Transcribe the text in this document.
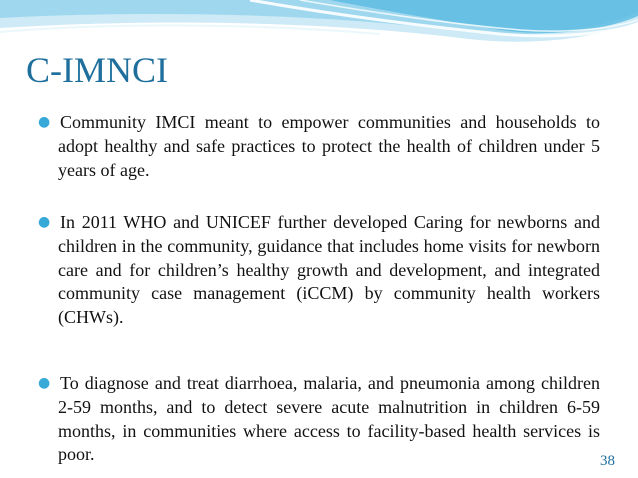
C-IMNCI
● Community IMCI meant to empower communities and households to adopt healthy and safe practices to protect the health of children under 5 years of age.
● In 2011 WHO and UNICEF further developed Caring for newborns and children in the community, guidance that includes home visits for newborn care and for children’s healthy growth and development, and integrated community case management (iCCM) by community health workers (CHWs).
● To diagnose and treat diarrhoea, malaria, and pneumonia among children 2-59 months, and to detect severe acute malnutrition in children 6-59 months, in communities where access to facility-based health services is poor.	38
